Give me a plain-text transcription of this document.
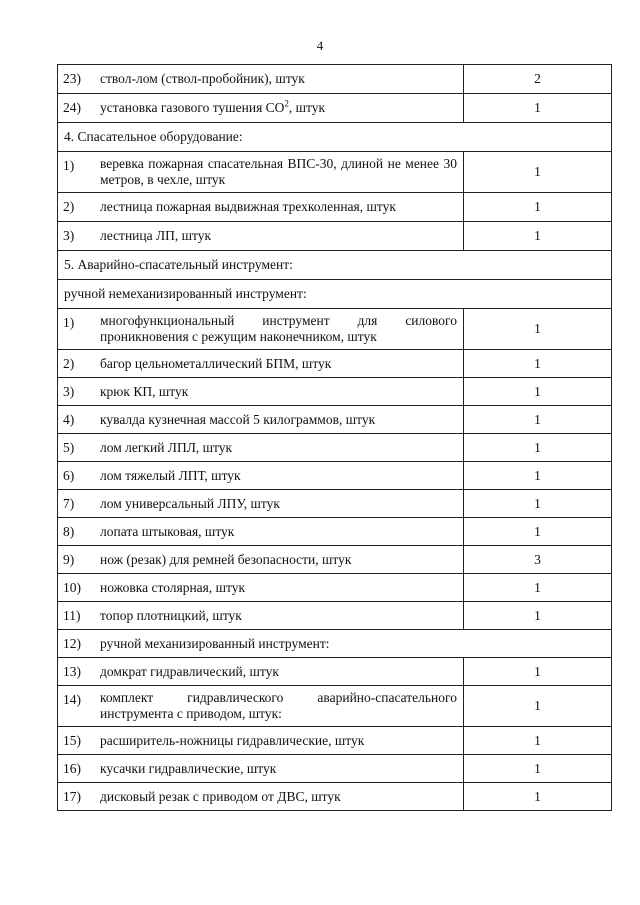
4
23) ствол-лом (ствол-пробойник), штук	2

24) установка газового тушения $CO^2$, штук	1
4. Спасательное оборудование:	

1) веревка пожарная спасательная ВПС-30, длиной не менее 30 метров, в чехле, штук	1

2) лестница пожарная выдвижная трехколенная, штук	1

3) лестница ЛП, штук	1
5. Аварийно-спасательный инструмент:	
ручной немеханизированный инструмент:	

1) многофункциональный инструмент для силового проникновения с режущим наконечником, штук	1

2) багор цельнометаллический БПМ, штук	1

3) крюк КП, штук	1

4) кувалда кузнечная массой 5 килограммов, штук	1

5) лом легкий ЛПЛ, штук	1

6) лом тяжелый ЛПТ, штук	1

7) лом универсальный ЛПУ, штук	1

8) лопата штыковая, штук	1

9) нож (резак) для ремней безопасности, штук	3

10) ножовка столярная, штук	1

11) топор плотницкий, штук	1

12) ручной механизированный инструмент:	

13) домкрат гидравлический, штук	1

14) комплект гидравлического аварийно-спасательного инструмента с приводом, штук:	1

15) расширитель-ножницы гидравлические, штук	1

16) кусачки гидравлические, штук	1

17) дисковый резак с приводом от ДВС, штук	1
